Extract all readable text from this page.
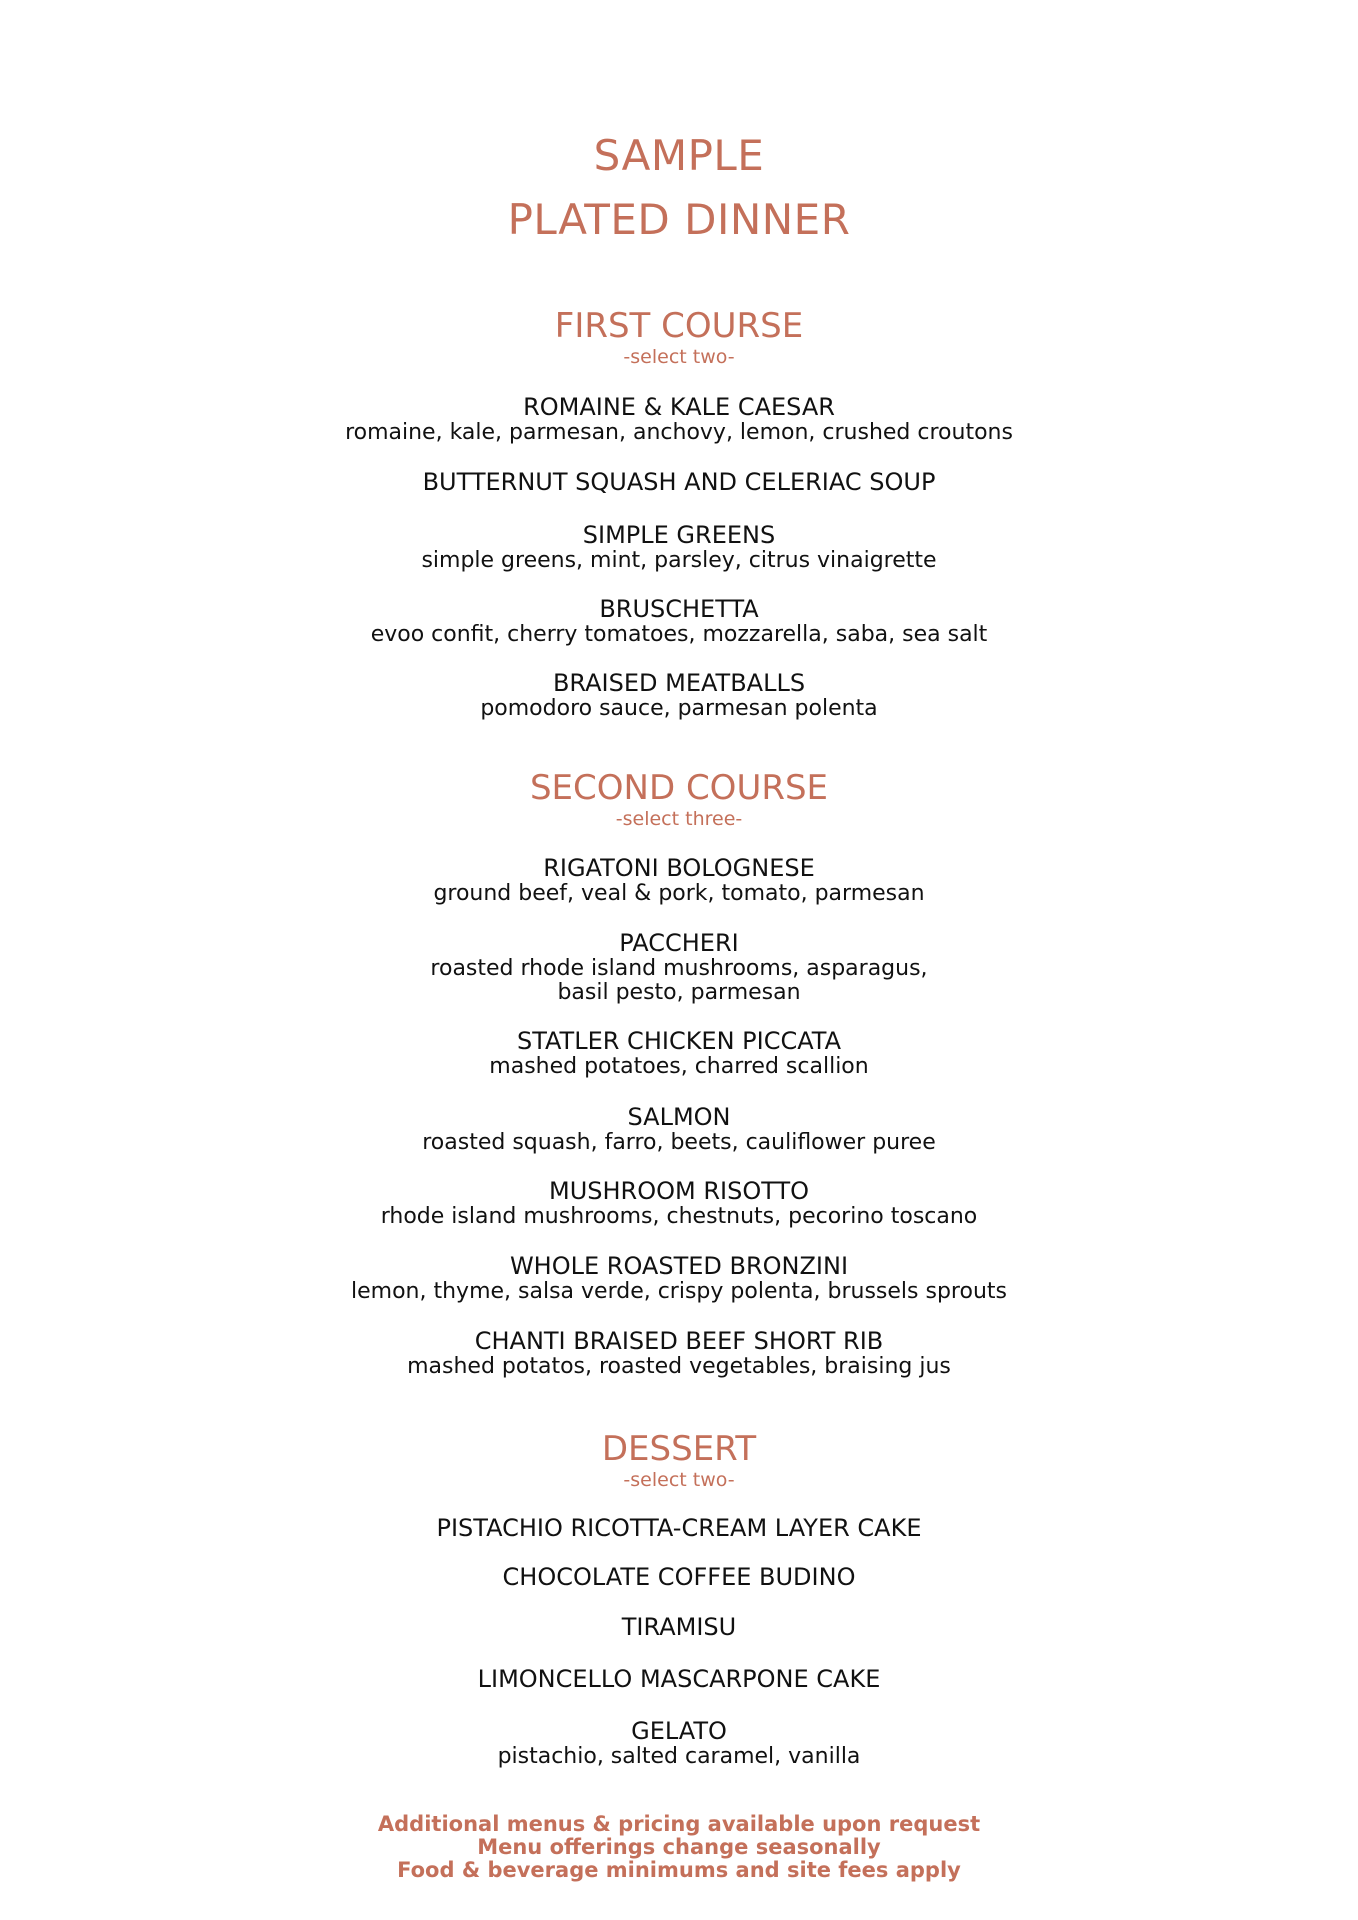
SAMPLE
PLATED DINNER
FIRST COURSE
-select two-
ROMAINE & KALE CAESAR
romaine, kale, parmesan, anchovy, lemon, crushed croutons
BUTTERNUT SQUASH AND CELERIAC SOUP
SIMPLE GREENS
simple greens, mint, parsley, citrus vinaigrette
BRUSCHETTA
evoo confit, cherry tomatoes, mozzarella, saba, sea salt
BRAISED MEATBALLS
pomodoro sauce, parmesan polenta
SECOND COURSE
-select three-
RIGATONI BOLOGNESE
ground beef, veal & pork, tomato, parmesan
PACCHERI
roasted rhode island mushrooms, asparagus,
basil pesto, parmesan
STATLER CHICKEN PICCATA
mashed potatoes, charred scallion
SALMON
roasted squash, farro, beets, cauliflower puree
MUSHROOM RISOTTO
rhode island mushrooms, chestnuts, pecorino toscano
WHOLE ROASTED BRONZINI
lemon, thyme, salsa verde, crispy polenta, brussels sprouts
CHANTI BRAISED BEEF SHORT RIB
mashed potatos, roasted vegetables, braising jus
DESSERT
-select two-
PISTACHIO RICOTTA-CREAM LAYER CAKE
CHOCOLATE COFFEE BUDINO
TIRAMISU
LIMONCELLO MASCARPONE CAKE
GELATO
pistachio, salted caramel, vanilla
Additional menus & pricing available upon request
Menu offerings change seasonally
Food & beverage minimums and site fees apply
